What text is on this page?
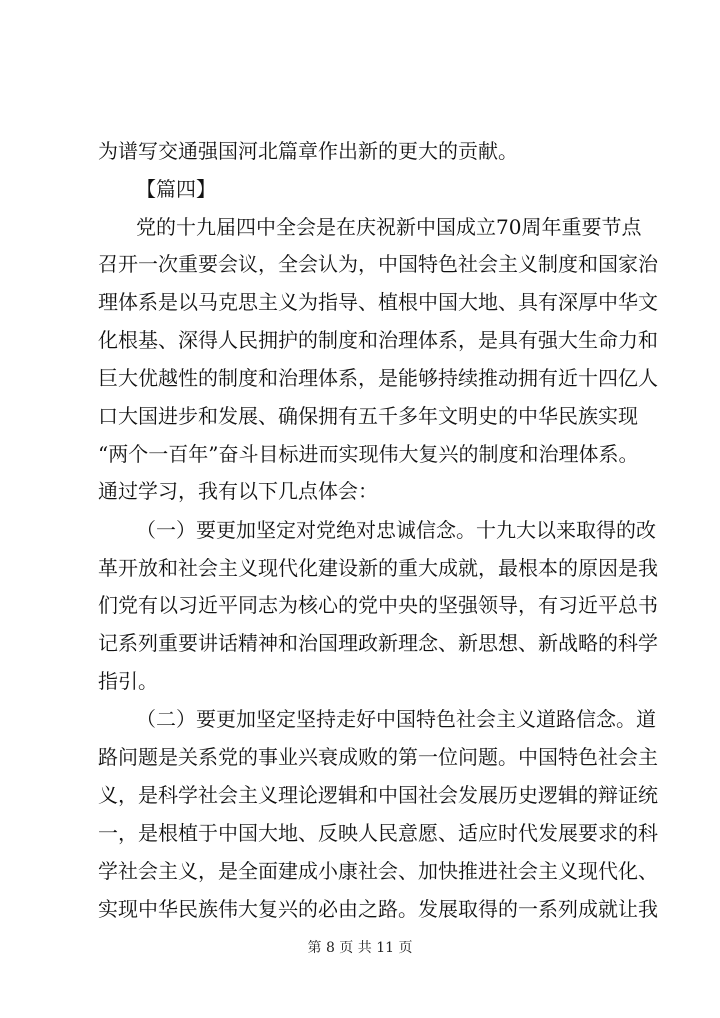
为谱写交通强国河北篇章作出新的更大的贡献。
【篇四】
党的十九届四中全会是在庆祝新中国成立70周年重要节点
召开一次重要会议，全会认为，中国特色社会主义制度和国家治
理体系是以马克思主义为指导、植根中国大地、具有深厚中华文
化根基、深得人民拥护的制度和治理体系，是具有强大生命力和
巨大优越性的制度和治理体系，是能够持续推动拥有近十四亿人
口大国进步和发展、确保拥有五千多年文明史的中华民族实现
“两个一百年”奋斗目标进而实现伟大复兴的制度和治理体系。
通过学习，我有以下几点体会：
（一）要更加坚定对党绝对忠诚信念。十九大以来取得的改
革开放和社会主义现代化建设新的重大成就，最根本的原因是我
们党有以习近平同志为核心的党中央的坚强领导，有习近平总书
记系列重要讲话精神和治国理政新理念、新思想、新战略的科学
指引。
（二）要更加坚定坚持走好中国特色社会主义道路信念。道
路问题是关系党的事业兴衰成败的第一位问题。中国特色社会主
义，是科学社会主义理论逻辑和中国社会发展历史逻辑的辩证统
一，是根植于中国大地、反映人民意愿、适应时代发展要求的科
学社会主义，是全面建成小康社会、加快推进社会主义现代化、
实现中华民族伟大复兴的必由之路。发展取得的一系列成就让我
第 8 页 共 11 页
